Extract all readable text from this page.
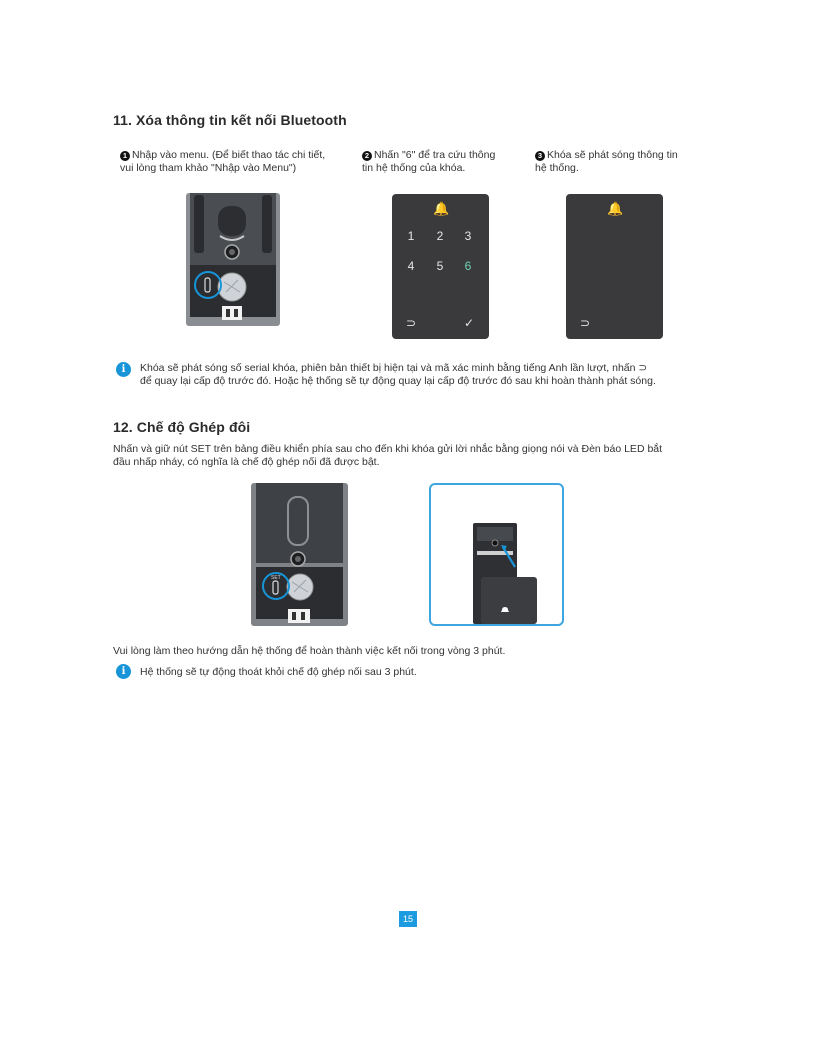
11. Xóa thông tin kết nối Bluetooth
1 Nhập vào menu. (Để biết thao tác chi tiết,
vui lòng tham khảo "Nhập vào Menu")
2 Nhấn "6" để tra cứu thông
tin hệ thống của khóa.
3 Khóa sẽ phát sóng thông tin
hệ thống.
🔔
1	2	3
4	5	6
⊃	✓
🔔
⊃
i	Khóa sẽ phát sóng số serial khóa, phiên bản thiết bị hiện tại và mã xác minh bằng tiếng Anh lần lượt, nhấn ⊃
để quay lại cấp độ trước đó. Hoặc hệ thống sẽ tự động quay lại cấp độ trước đó sau khi hoàn thành phát sóng.
12. Chế độ Ghép đôi
Nhấn và giữ nút SET trên bảng điều khiển phía sau cho đến khi khóa gửi lời nhắc bằng giọng nói và Đèn báo LED bắt
đầu nhấp nháy, có nghĩa là chế độ ghép nối đã được bật.
SET
Vui lòng làm theo hướng dẫn hệ thống để hoàn thành việc kết nối trong vòng 3 phút.
i	Hệ thống sẽ tự động thoát khỏi chế độ ghép nối sau 3 phút.
15
